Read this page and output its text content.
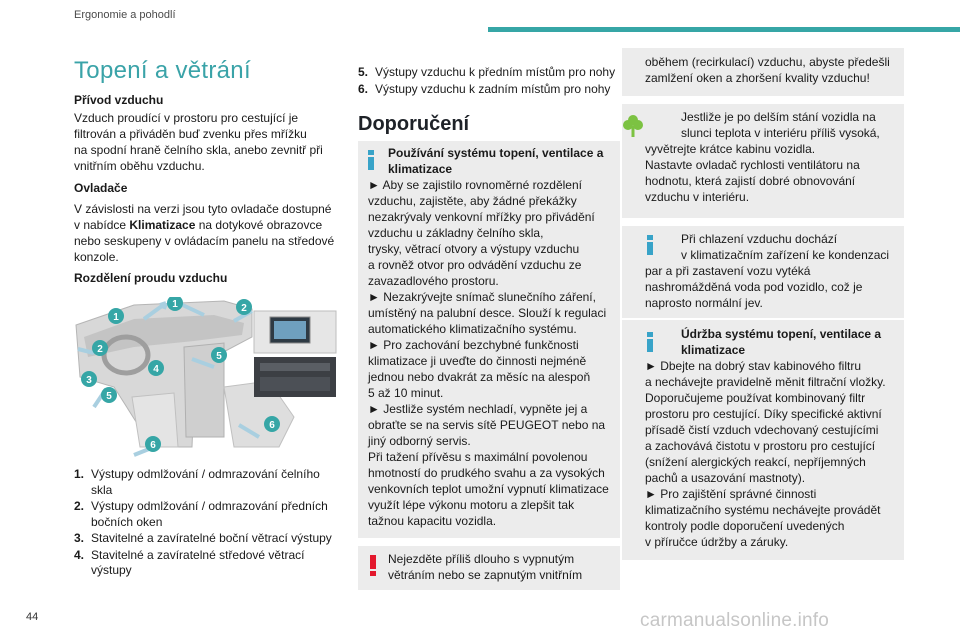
Ergonomie a pohodlí
Topení a větrání
Přívod vzduchu
Vzduch proudící v prostoru pro cestující je
filtrován a přiváděn buď zvenku přes mřížku
na spodní hraně čelního skla, anebo zevnitř při
vnitřním oběhu vzduchu.
Ovladače
V závislosti na verzi jsou tyto ovladače dostupné
v nabídce Klimatizace na dotykové obrazovce
nebo seskupeny v ovládacím panelu na středové
konzole.
Rozdělení proudu vzduchu
1
1	2
2
3
4
5
5
6
6
1. Výstupy odmlžování / odmrazování čelního skla
2. Výstupy odmlžování / odmrazování předních bočních oken
3. Stavitelné a zavíratelné boční větrací výstupy
4. Stavitelné a zavíratelné středové větrací výstupy
5. Výstupy vzduchu k předním místům pro nohy
6. Výstupy vzduchu k zadním místům pro nohy
Doporučení
Používání systému topení, ventilace a klimatizace
► Aby se zajistilo rovnoměrné rozdělení
vzduchu, zajistěte, aby žádné překážky
nezakrývaly venkovní mřížky pro přivádění
vzduchu u základny čelního skla,
trysky, větrací otvory a výstupy vzduchu
a rovněž otvor pro odvádění vzduchu ze
zavazadlového prostoru.
► Nezakrývejte snímač slunečního záření,
umístěný na palubní desce. Slouží k regulaci
automatického klimatizačního systému.
► Pro zachování bezchybné funkčnosti
klimatizace ji uveďte do činnosti nejméně
jednou nebo dvakrát za měsíc na alespoň
5 až 10 minut.
► Jestliže systém nechladí, vypněte jej a
obraťte se na servis sítě PEUGEOT nebo na
jiný odborný servis.
Při tažení přívěsu s maximální povolenou
hmotností do prudkého svahu a za vysokých
venkovních teplot umožní vypnutí klimatizace
využít lépe výkonu motoru a zlepšit tak
tažnou kapacitu vozidla.
Nejezděte příliš dlouho s vypnutým
větráním nebo se zapnutým vnitřním
oběhem (recirkulací) vzduchu, abyste předešli
zamlžení oken a zhoršení kvality vzduchu!
Jestliže je po delším stání vozidla na
slunci teplota v interiéru příliš vysoká,
vyvětrejte krátce kabinu vozidla.
Nastavte ovladač rychlosti ventilátoru na
hodnotu, která zajistí dobré obnovování
vzduchu v interiéru.
Při chlazení vzduchu dochází
v klimatizačním zařízení ke kondenzaci
par a při zastavení vozu vytéká
nashromážděná voda pod vozidlo, což je
naprosto normální jev.
Údržba systému topení, ventilace a klimatizace
► Dbejte na dobrý stav kabinového filtru
a nechávejte pravidelně měnit filtrační vložky.
Doporučujeme používat kombinovaný filtr
prostoru pro cestující. Díky specifické aktivní
přísadě čistí vzduch vdechovaný cestujícími
a zachovává čistotu v prostoru pro cestující
(snížení alergických reakcí, nepříjemných
pachů a usazování mastnoty).
► Pro zajištění správné činnosti
klimatizačního systému nechávejte provádět
kontroly podle doporučení uvedených
v příručce údržby a záruky.
44	carmanualsonline.info
